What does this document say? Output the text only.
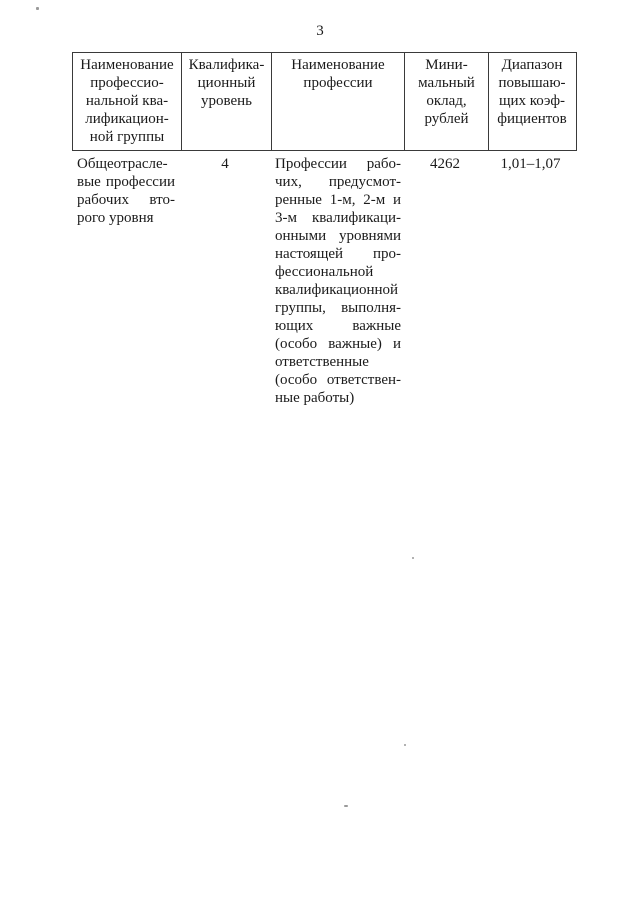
3
Наименование
профессио-
нальной ква-
лификацион-
ной группы
Квалифика-
ционный
уровень
Наименование
профессии
Мини-
мальный
оклад,
рублей
Диапазон
повышаю-
щих коэф-
фициентов
Общеотрасле-
вые профессии
рабочих вто-
рого уровня
4	Профессии рабо-
чих, предусмот-
ренные 1-м, 2-м и
3-м квалификаци-
онными уровнями
настоящей про-
фессиональной
квалификационной
группы, выполня-
ющих важные
(особо важные) и
ответственные
(особо ответствен-
ные работы)
4262	1,01–1,07
